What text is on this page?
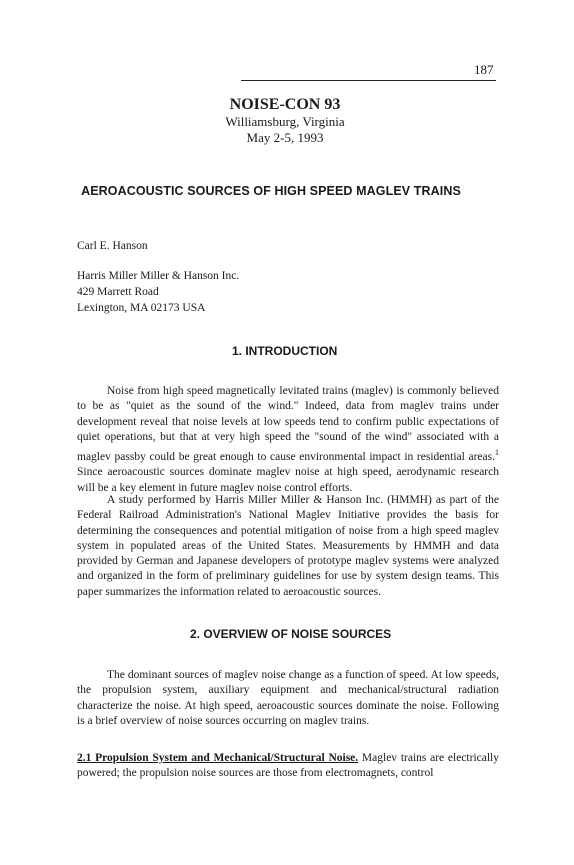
187
NOISE-CON 93
Williamsburg, Virginia
May 2-5, 1993
AEROACOUSTIC SOURCES OF HIGH SPEED MAGLEV TRAINS
Carl E. Hanson
Harris Miller Miller & Hanson Inc.
429 Marrett Road
Lexington, MA 02173 USA
1. INTRODUCTION
Noise from high speed magnetically levitated trains (maglev) is commonly believed to be as "quiet as the sound of the wind." Indeed, data from maglev trains under development reveal that noise levels at low speeds tend to confirm public expectations of quiet operations, but that at very high speed the "sound of the wind" associated with a maglev passby could be great enough to cause environmental impact in residential areas.$^1$ Since aeroacoustic sources dominate maglev noise at high speed, aerodynamic research will be a key element in future maglev noise control efforts.
A study performed by Harris Miller Miller & Hanson Inc. (HMMH) as part of the Federal Railroad Administration's National Maglev Initiative provides the basis for determining the consequences and potential mitigation of noise from a high speed maglev system in populated areas of the United States. Measurements by HMMH and data provided by German and Japanese developers of prototype maglev systems were analyzed and organized in the form of preliminary guidelines for use by system design teams. This paper summarizes the information related to aeroacoustic sources.
2. OVERVIEW OF NOISE SOURCES
The dominant sources of maglev noise change as a function of speed. At low speeds, the propulsion system, auxiliary equipment and mechanical/structural radiation characterize the noise. At high speed, aeroacoustic sources dominate the noise. Following is a brief overview of noise sources occurring on maglev trains.
2.1 Propulsion System and Mechanical/Structural Noise. Maglev trains are electrically powered; the propulsion noise sources are those from electromagnets, control
